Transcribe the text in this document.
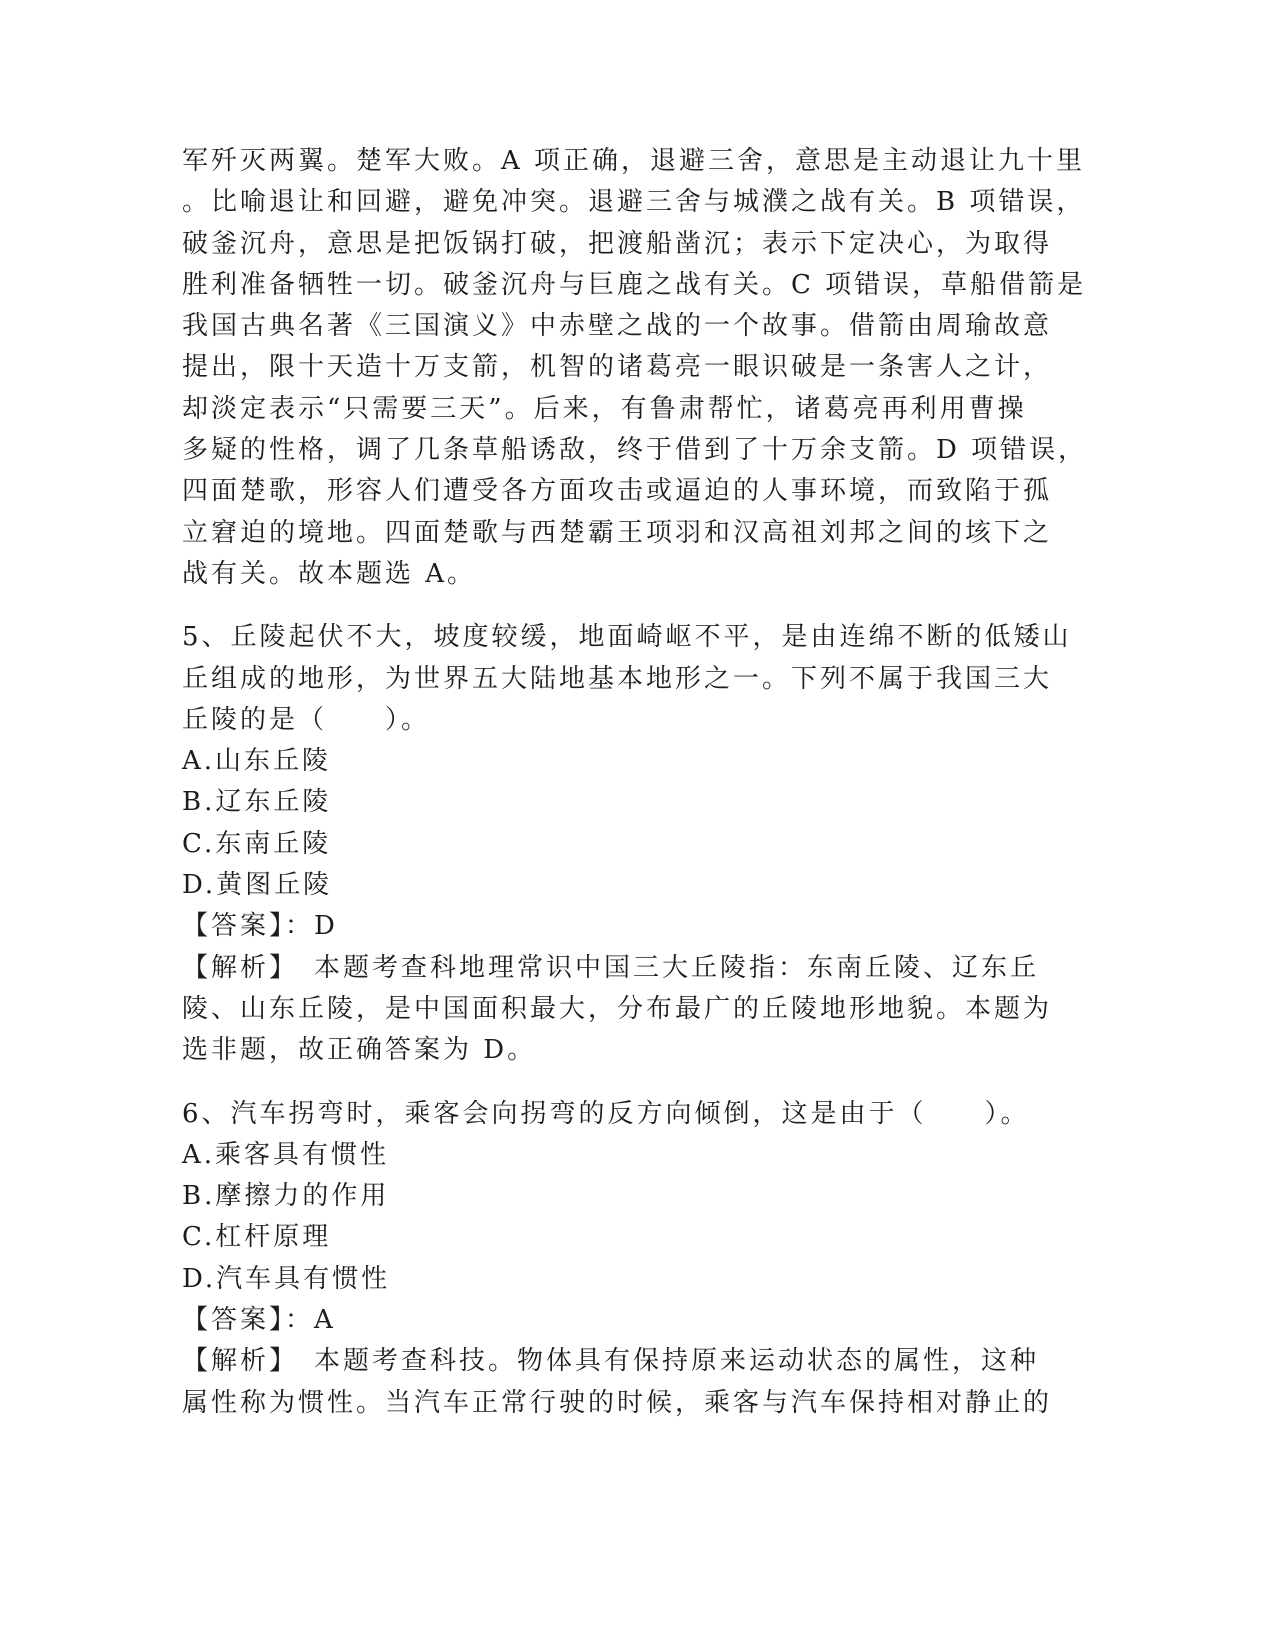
军歼灭两翼。楚军大败。A 项正确，退避三舍，意思是主动退让九十里
。比喻退让和回避，避免冲突。退避三舍与城濮之战有关。B 项错误，
破釜沉舟，意思是把饭锅打破，把渡船凿沉；表示下定决心，为取得
胜利准备牺牲一切。破釜沉舟与巨鹿之战有关。C 项错误，草船借箭是
我国古典名著《三国演义》中赤壁之战的一个故事。借箭由周瑜故意
提出，限十天造十万支箭，机智的诸葛亮一眼识破是一条害人之计，
却淡定表示“只需要三天”。后来，有鲁肃帮忙，诸葛亮再利用曹操
多疑的性格，调了几条草船诱敌，终于借到了十万余支箭。D 项错误，
四面楚歌，形容人们遭受各方面攻击或逼迫的人事环境，而致陷于孤
立窘迫的境地。四面楚歌与西楚霸王项羽和汉高祖刘邦之间的垓下之
战有关。故本题选 A。
5、丘陵起伏不大，坡度较缓，地面崎岖不平，是由连绵不断的低矮山
丘组成的地形，为世界五大陆地基本地形之一。下列不属于我国三大
丘陵的是（　　）。
A.山东丘陵
B.辽东丘陵
C.东南丘陵
D.黄图丘陵
【答案】：D
【解析】　本题考查科地理常识中国三大丘陵指：东南丘陵、辽东丘
陵、山东丘陵，是中国面积最大，分布最广的丘陵地形地貌。本题为
选非题，故正确答案为 D。
6、汽车拐弯时，乘客会向拐弯的反方向倾倒，这是由于（　　）。
A.乘客具有惯性
B.摩擦力的作用
C.杠杆原理
D.汽车具有惯性
【答案】：A
【解析】　本题考查科技。物体具有保持原来运动状态的属性，这种
属性称为惯性。当汽车正常行驶的时候，乘客与汽车保持相对静止的
